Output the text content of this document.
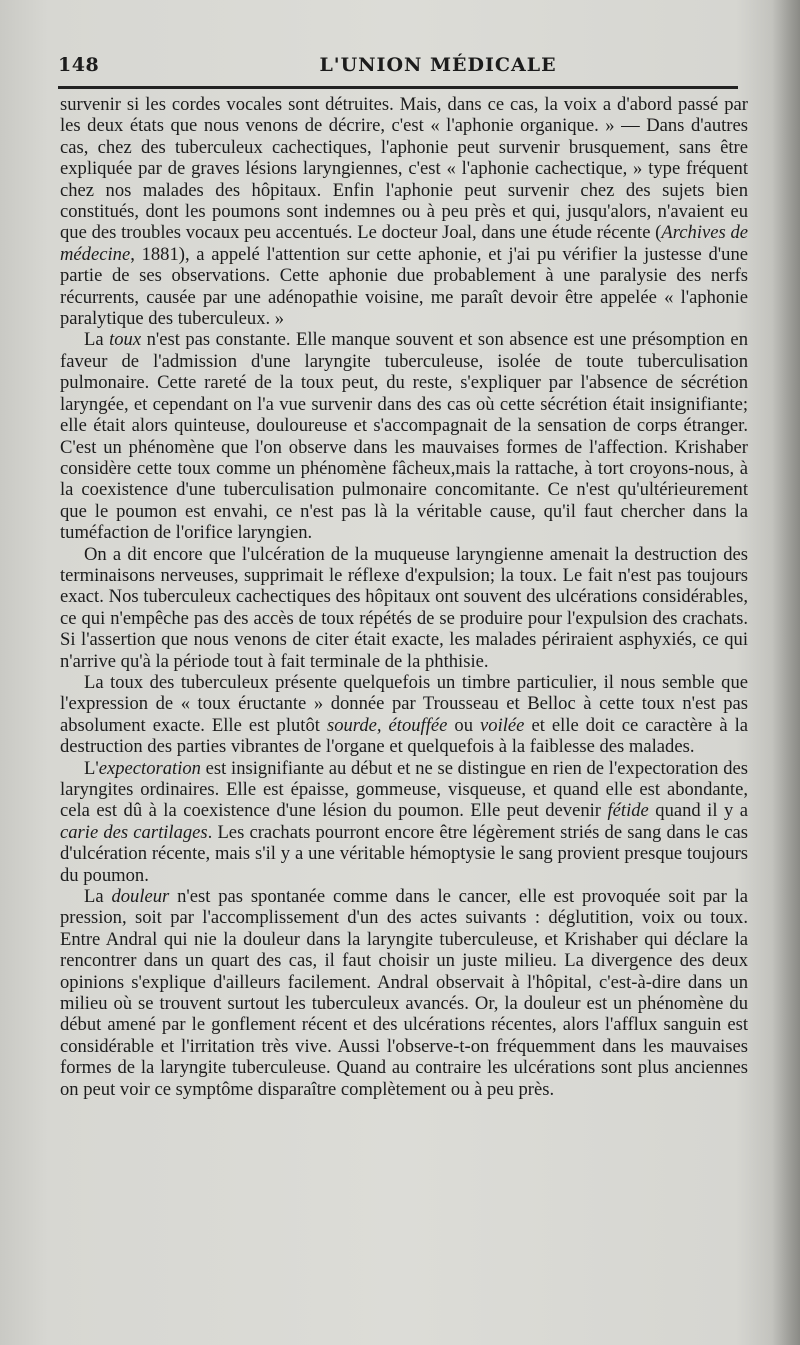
148	L'UNION MÉDICALE

survenir si les cordes vocales sont détruites. Mais, dans ce cas, la voix a d'abord passé par les deux états que nous venons de décrire, c'est « l'aphonie organique. » — Dans d'autres cas, chez des tuberculeux cachectiques, l'aphonie peut survenir brusquement, sans être expliquée par de graves lésions laryngiennes, c'est « l'aphonie cachectique, » type fréquent chez nos malades des hôpitaux. Enfin l'aphonie peut survenir chez des sujets bien constitués, dont les poumons sont indemnes ou à peu près et qui, jusqu'alors, n'avaient eu que des troubles vocaux peu accentués. Le docteur Joal, dans une étude récente (Archives de médecine, 1881), a appelé l'attention sur cette aphonie, et j'ai pu vérifier la justesse d'une partie de ses observations. Cette aphonie due probablement à une paralysie des nerfs récurrents, causée par une adénopathie voisine, me paraît devoir être appelée « l'aphonie paralytique des tuberculeux. »

La toux n'est pas constante. Elle manque souvent et son absence est une présomption en faveur de l'admission d'une laryngite tuberculeuse, isolée de toute tuberculisation pulmonaire. Cette rareté de la toux peut, du reste, s'expliquer par l'absence de sécrétion laryngée, et cependant on l'a vue survenir dans des cas où cette sécrétion était insignifiante; elle était alors quinteuse, douloureuse et s'accompagnait de la sensation de corps étranger. C'est un phénomène que l'on observe dans les mauvaises formes de l'affection. Krishaber considère cette toux comme un phénomène fâcheux,mais la rattache, à tort croyons-nous, à la coexistence d'une tuberculisation pulmonaire concomitante. Ce n'est qu'ultérieurement que le poumon est envahi, ce n'est pas là la véritable cause, qu'il faut chercher dans la tuméfaction de l'orifice laryngien.

On a dit encore que l'ulcération de la muqueuse laryngienne amenait la destruction des terminaisons nerveuses, supprimait le réflexe d'expulsion; la toux. Le fait n'est pas toujours exact. Nos tuberculeux cachectiques des hôpitaux ont souvent des ulcérations considérables, ce qui n'empêche pas des accès de toux répétés de se produire pour l'expulsion des crachats. Si l'assertion que nous venons de citer était exacte, les malades périraient asphyxiés, ce qui n'arrive qu'à la période tout à fait terminale de la phthisie.

La toux des tuberculeux présente quelquefois un timbre particulier, il nous semble que l'expression de « toux éructante » donnée par Trousseau et Belloc à cette toux n'est pas absolument exacte. Elle est plutôt sourde, étouffée ou voilée et elle doit ce caractère à la destruction des parties vibrantes de l'organe et quelquefois à la faiblesse des malades.

L'expectoration est insignifiante au début et ne se distingue en rien de l'expectoration des laryngites ordinaires. Elle est épaisse, gommeuse, visqueuse, et quand elle est abondante, cela est dû à la coexistence d'une lésion du poumon. Elle peut devenir fétide quand il y a carie des cartilages. Les crachats pourront encore être légèrement striés de sang dans le cas d'ulcération récente, mais s'il y a une véritable hémoptysie le sang provient presque toujours du poumon.

La douleur n'est pas spontanée comme dans le cancer, elle est provoquée soit par la pression, soit par l'accomplissement d'un des actes suivants : déglutition, voix ou toux. Entre Andral qui nie la douleur dans la laryngite tuberculeuse, et Krishaber qui déclare la rencontrer dans un quart des cas, il faut choisir un juste milieu. La divergence des deux opinions s'explique d'ailleurs facilement. Andral observait à l'hôpital, c'est-à-dire dans un milieu où se trouvent surtout les tuberculeux avancés. Or, la douleur est un phénomène du début amené par le gonflement récent et des ulcérations récentes, alors l'afflux sanguin est considérable et l'irritation très vive. Aussi l'observe-t-on fréquemment dans les mauvaises formes de la laryngite tuberculeuse. Quand au contraire les ulcérations sont plus anciennes on peut voir ce symptôme disparaître complètement ou à peu près.
